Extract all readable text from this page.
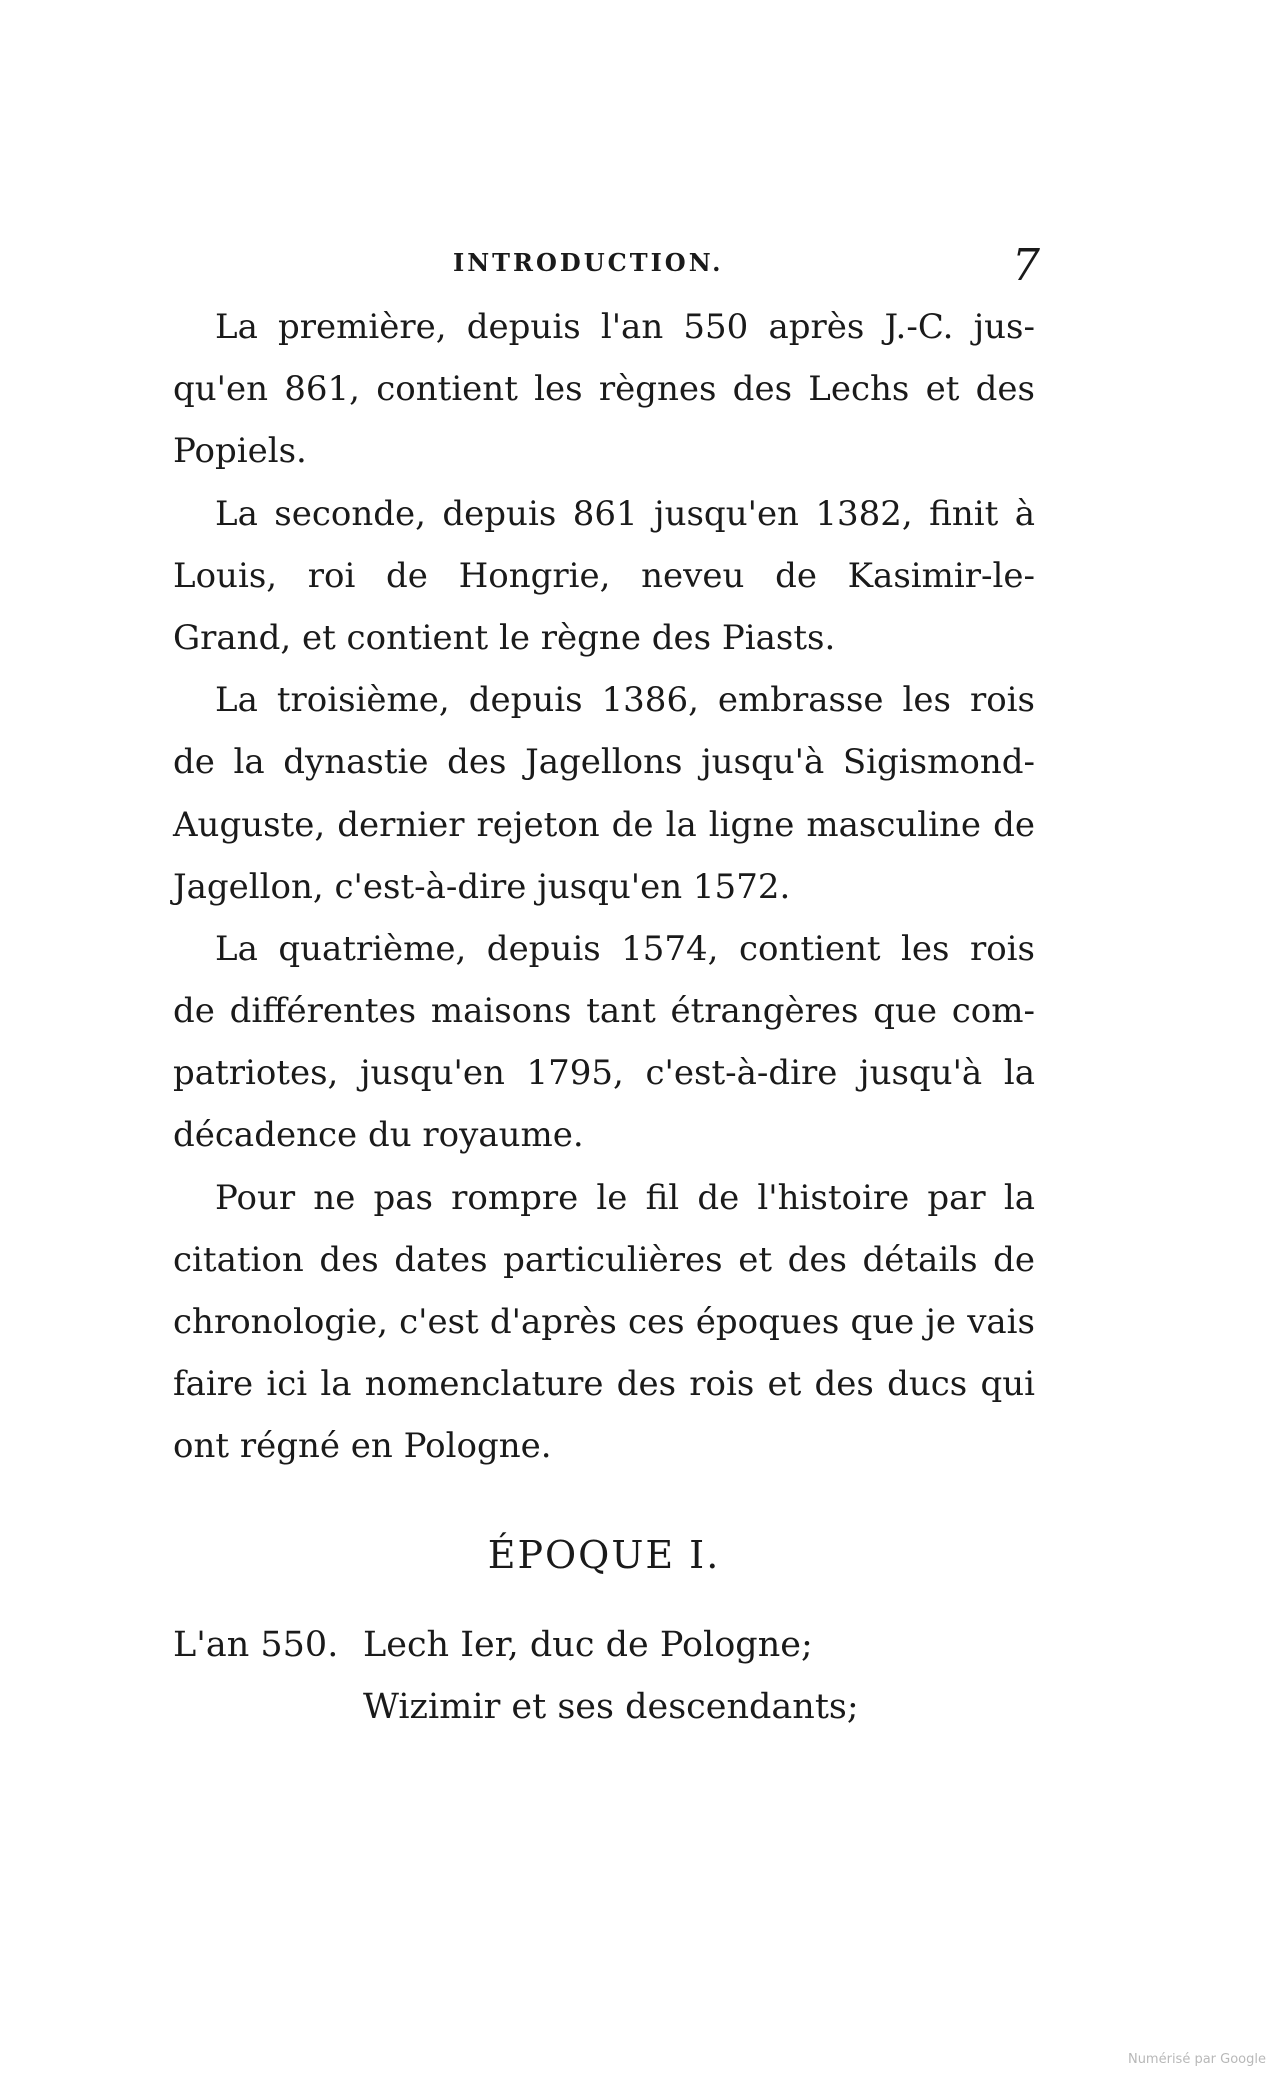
INTRODUCTION.	7
La première, depuis l'an 550 après J.-C. jus-
qu'en 861, contient les règnes des Lechs et des
Popiels.
La seconde, depuis 861 jusqu'en 1382, finit à
Louis, roi de Hongrie, neveu de Kasimir-le-
Grand, et contient le règne des Piasts.
La troisième, depuis 1386, embrasse les rois
de la dynastie des Jagellons jusqu'à Sigismond-
Auguste, dernier rejeton de la ligne masculine de
Jagellon, c'est-à-dire jusqu'en 1572.
La quatrième, depuis 1574, contient les rois
de différentes maisons tant étrangères que com-
patriotes, jusqu'en 1795, c'est-à-dire jusqu'à la
décadence du royaume.
Pour ne pas rompre le fil de l'histoire par la
citation des dates particulières et des détails de
chronologie, c'est d'après ces époques que je vais
faire ici la nomenclature des rois et des ducs qui
ont régné en Pologne.
ÉPOQUE I.
L'an 550. Lech Ier, duc de Pologne;
Wizimir et ses descendants;
Numérisé par Google
